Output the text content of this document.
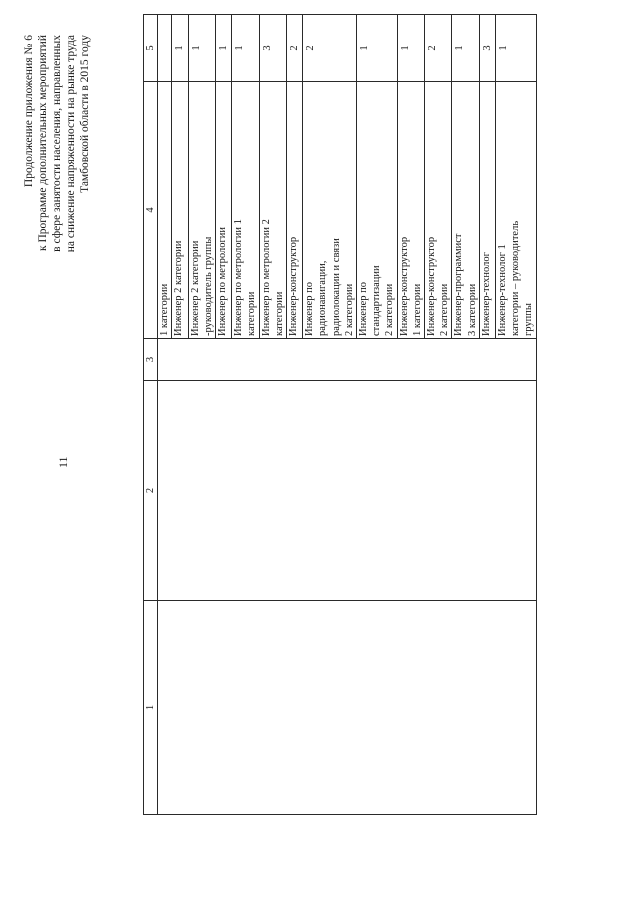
11
Продолжение приложения № 6 к Программе дополнительных мероприятий в сфере занятости населения, направленных на снижение напряженности на рынке труда Тамбовской области в 2015 году
1	2	3	4	5

			1 категории	

			Инженер 2 категории	1

			Инженер 2 категории -руководитель группы	1

			Инженер по метрологии	1

			Инженер по метрологии 1 категории	1

			Инженер по метрологии 2 категории	3

			Инженер-конструктор	2

			Инженер по радионавигации, радиолокации и связи 2 категории	2

			Инженер по стандартизации 2 категории	1

			Инженер-конструктор 1 категории	1

			Инженер-конструктор 2 категории	2

			Инженер-программист 3 категории	1

			Инженер-технолог	3

			Инженер-технолог 1 категории – руководитель группы	1
